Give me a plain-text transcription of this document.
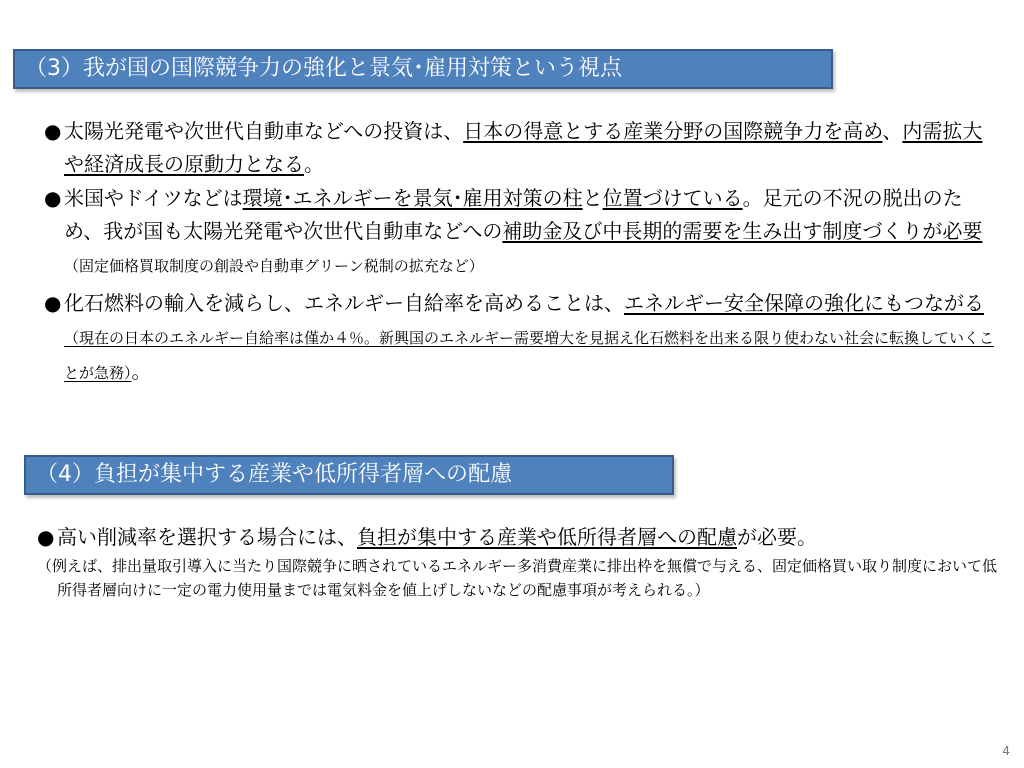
（3）我が国の国際競争力の強化と景気･雇用対策という視点
● 太陽光発電や次世代自動車などへの投資は、日本の得意とする産業分野の国際競争力を高め、内需拡大や経済成長の原動力となる。
● 米国やドイツなどは環境･エネルギーを景気･雇用対策の柱と位置づけている。足元の不況の脱出のため、我が国も太陽光発電や次世代自動車などへの補助金及び中長期的需要を生み出す制度づくりが必要（固定価格買取制度の創設や自動車グリーン税制の拡充など）
● 化石燃料の輸入を減らし、エネルギー自給率を高めることは、エネルギー安全保障の強化にもつながる（現在の日本のエネルギー自給率は僅か４％。新興国のエネルギー需要増大を見据え化石燃料を出来る限り使わない社会に転換していくことが急務）。
（4）負担が集中する産業や低所得者層への配慮
● 高い削減率を選択する場合には、負担が集中する産業や低所得者層への配慮が必要。
（例えば、排出量取引導入に当たり国際競争に晒されているエネルギー多消費産業に排出枠を無償で与える、固定価格買い取り制度において低所得者層向けに一定の電力使用量までは電気料金を値上げしないなどの配慮事項が考えられる。）
4
